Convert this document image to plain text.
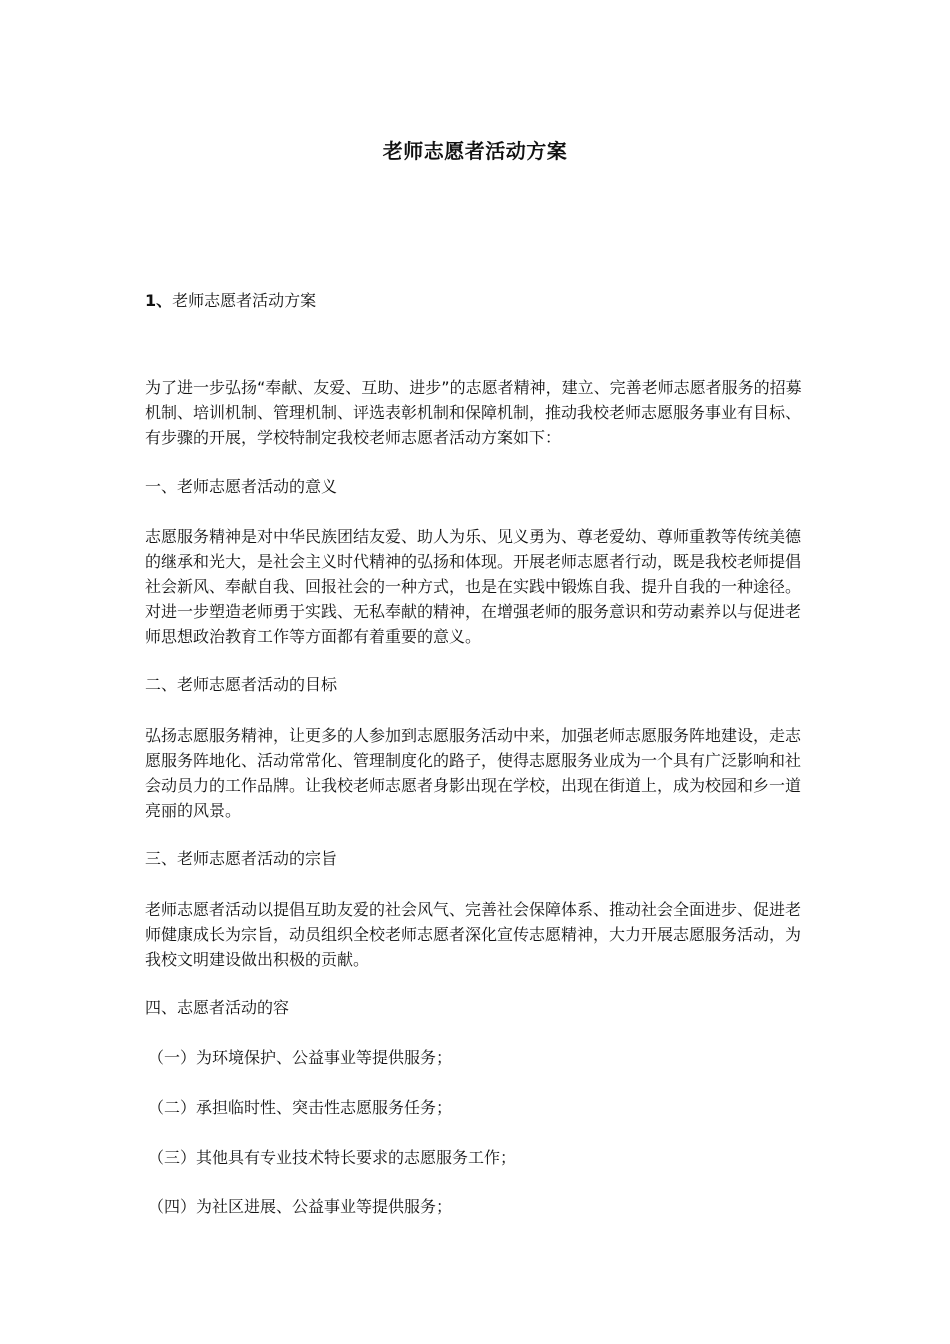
老师志愿者活动方案
1、老师志愿者活动方案

为了进一步弘扬“奉献、友爱、互助、进步”的志愿者精神，建立、完善老师志愿者服务的招募机制、培训机制、管理机制、评选表彰机制和保障机制，推动我校老师志愿服务事业有目标、有步骤的开展，学校特制定我校老师志愿者活动方案如下：

一、老师志愿者活动的意义

志愿服务精神是对中华民族团结友爱、助人为乐、见义勇为、尊老爱幼、尊师重教等传统美德的继承和光大，是社会主义时代精神的弘扬和体现。开展老师志愿者行动，既是我校老师提倡社会新风、奉献自我、回报社会的一种方式，也是在实践中锻炼自我、提升自我的一种途径。对进一步塑造老师勇于实践、无私奉献的精神，在增强老师的服务意识和劳动素养以与促进老师思想政治教育工作等方面都有着重要的意义。

二、老师志愿者活动的目标

弘扬志愿服务精神，让更多的人参加到志愿服务活动中来，加强老师志愿服务阵地建设，走志愿服务阵地化、活动常常化、管理制度化的路子，使得志愿服务业成为一个具有广泛影响和社会动员力的工作品牌。让我校老师志愿者身影出现在学校，出现在街道上，成为校园和乡一道亮丽的风景。

三、老师志愿者活动的宗旨

老师志愿者活动以提倡互助友爱的社会风气、完善社会保障体系、推动社会全面进步、促进老师健康成长为宗旨，动员组织全校老师志愿者深化宣传志愿精神，大力开展志愿服务活动，为我校文明建设做出积极的贡献。

四、志愿者活动的容

（一）为环境保护、公益事业等提供服务；

（二）承担临时性、突击性志愿服务任务；

（三）其他具有专业技术特长要求的志愿服务工作；

（四）为社区进展、公益事业等提供服务；
